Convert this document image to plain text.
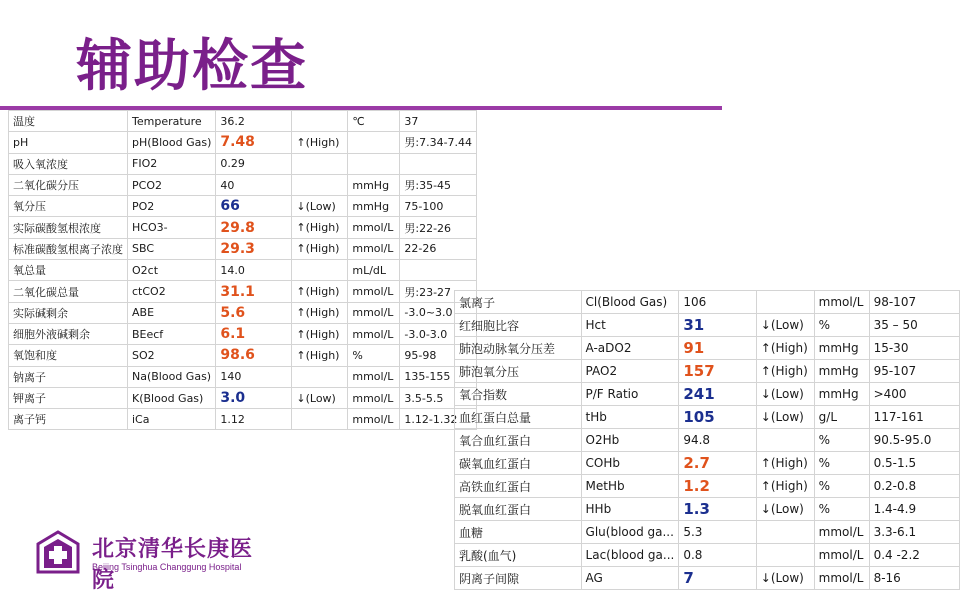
辅助检查
温度	Temperature	36.2		℃	37
pH	pH(Blood Gas)	7.48	↑(High)		男:7.34-7.44
吸入氧浓度	FIO2	0.29			
二氧化碳分压	PCO2	40		mmHg	男:35-45
氧分压	PO2	66	↓(Low)	mmHg	75-100
实际碳酸氢根浓度	HCO3-	29.8	↑(High)	mmol/L	男:22-26
标准碳酸氢根离子浓度	SBC	29.3	↑(High)	mmol/L	22-26
氧总量	O2ct	14.0		mL/dL	
二氧化碳总量	ctCO2	31.1	↑(High)	mmol/L	男:23-27
实际碱剩余	ABE	5.6	↑(High)	mmol/L	-3.0~3.0
细胞外液碱剩余	BEecf	6.1	↑(High)	mmol/L	-3.0-3.0
氧饱和度	SO2	98.6	↑(High)	%	95-98
钠离子	Na(Blood Gas)	140		mmol/L	135-155
钾离子	K(Blood Gas)	3.0	↓(Low)	mmol/L	3.5-5.5
离子钙	iCa	1.12		mmol/L	1.12-1.32
氯离子	Cl(Blood Gas)	106		mmol/L	98-107
红细胞比容	Hct	31	↓(Low)	%	35 – 50
肺泡动脉氧分压差	A-aDO2	91	↑(High)	mmHg	15-30
肺泡氧分压	PAO2	157	↑(High)	mmHg	95-107
氧合指数	P/F Ratio	241	↓(Low)	mmHg	>400
血红蛋白总量	tHb	105	↓(Low)	g/L	117-161
氧合血红蛋白	O2Hb	94.8		%	90.5-95.0
碳氧血红蛋白	COHb	2.7	↑(High)	%	0.5-1.5
高铁血红蛋白	MetHb	1.2	↑(High)	%	0.2-0.8
脱氧血红蛋白	HHb	1.3	↓(Low)	%	1.4-4.9
血糖	Glu(blood ga...	5.3		mmol/L	3.3-6.1
乳酸(血气)	Lac(blood ga...	0.8		mmol/L	0.4 -2.2
阴离子间隙	AG	7	↓(Low)	mmol/L	8-16
北京清华长庚医院
Beijing Tsinghua Changgung Hospital
